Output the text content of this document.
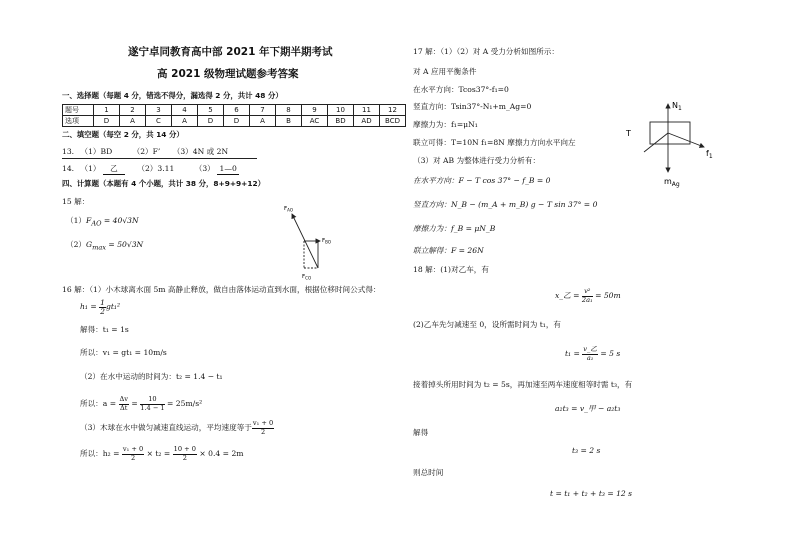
遂宁卓同教育高中部 2021 年下期半期考试
高 2021 级物理试题参考答案
一、选择题（每题 4 分，错选不得分，漏选得 2 分，共计 48 分）
题号	1	2	3	4	5	6	7	8	9	10	11	12
选项	D	A	C	A	D	D	A	B	AC	BD	AD	BCD
二、填空题（每空 2 分，共 14 分）
13. （1）BD	（2）F’ （3）4N 或 2N
14. （1） 乙	（2）3.11	（3） 1—0
四、计算题（本题有 4 个小题，共计 38 分，8+9+9+12）
15 解：
$(1)F_{AO} = 40√3N$
$(2)G_{max} = 50√3N$
$F_{AO}$
$F_{BO}$
$F_{CO}$
16 解：（1）小木球离水面 5m 高静止释放，做自由落体运动直到水面，根据位移时间公式得：
$h_1 = \frac{1}{2} gt_1^2$
解得：t₁ = 1s
所以：v₁ = gt₁ = 10m/s
（2）在水中运动的时间为：t₂ = 1.4 − t₁
所以：$a = \frac{\Delta v}{\Delta t} = \frac{10}{1.4 - 1} = 25m/s^2$
（3）木球在水中做匀减速直线运动，平均速度等于 $\frac{\text{v₁ + 0}}{2}$
所以：$h_2 = \frac{\text{v₁ + 0}}{2} \times t_2 = \frac{10 + 0}{2} \times 0.4 = 2m$
17 解：（1）（2）对 A 受力分析如图所示：
对 A 应用平衡条件
在水平方向：Tcos37°-f₁=0
竖直方向：Tsin37°-N₁+m_Ag=0
摩擦力为：f₁=μN₁
联立可得：T=10N f₁=8N 摩擦力方向水平向左
（3）对 AB 为整体进行受力分析有：
在水平方向：F − T cos 37° − f_B = 0
竖直方向：N_B − (m_A + m_B) g − T sin 37° = 0
摩擦力为：f_B = μN_B
联立解得：F = 26N
$N_1$
T
$f_1$
$m_{Ag}$
18 解：(1)对乙车，有
x_乙 = $\frac{\text{v²}}{\text{2a₁}} = 50m$
(2)乙车先匀减速至 0，设所需时间为 t₁，有
$t_1 = \frac{\text{v\_乙}}{\text{a₁}} = 5$ s
接着掉头所用时间为 t₂ = 5s，再加速至两车速度相等时需 t₃，有
a₂t₃ = v_甲 − a₂t₃
解得
t₃ = 2 s
则总时间
t = t₁ + t₂ + t₃ = 12 s
